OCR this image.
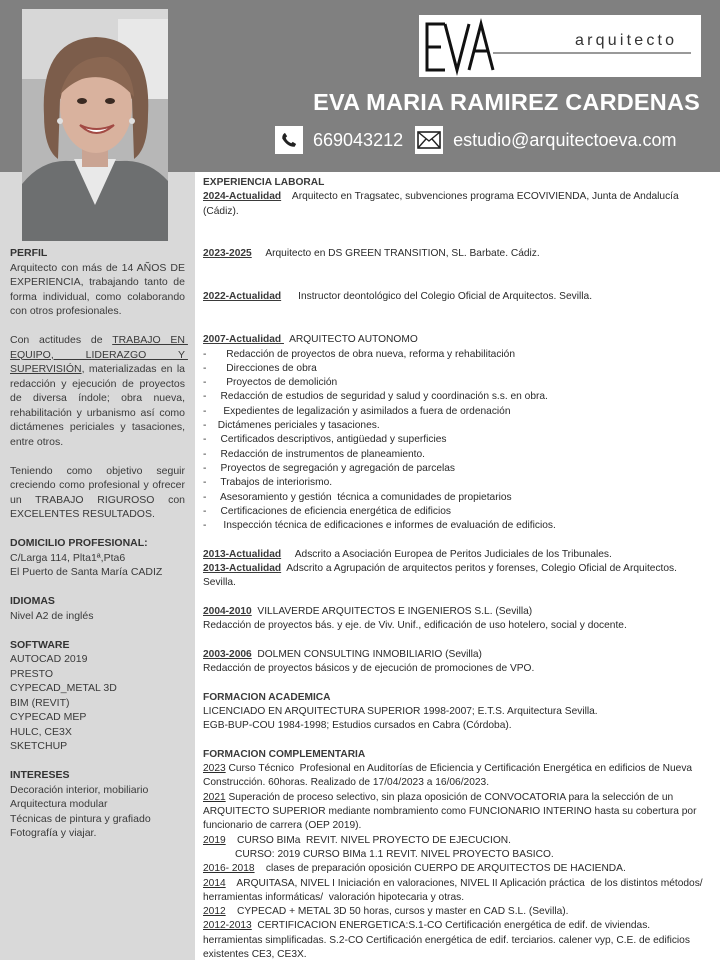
arquitecto
EVA MARIA RAMIREZ CARDENAS
669043212	estudio@arquitectoeva.com

PERFIL

Arquitecto con más de 14 AÑOS DE EXPERIENCIA, trabajando tanto de forma individual, como colaborando con otros profesionales.

Con actitudes de TRABAJO EN EQUIPO, LIDERAZGO Y SUPERVISIÓN, materializadas en la redacción y ejecución de proyectos de diversa índole; obra nueva, rehabilitación y urbanismo así como dictámenes periciales y tasaciones, entre otros.

Teniendo como objetivo seguir creciendo como profesional y ofrecer un TRABAJO RIGUROSO con EXCELENTES RESULTADOS.

DOMICILIO PROFESIONAL:

C/Larga 114, Plta1ª,Pta6

El Puerto de Santa María CADIZ

IDIOMAS

Nivel A2 de inglés

SOFTWARE

AUTOCAD 2019

PRESTO

CYPECAD_METAL 3D

BIM (REVIT)

CYPECAD MEP

HULC, CE3X

SKETCHUP

INTERESES

Decoración interior, mobiliario

Arquitectura modular

Técnicas de pintura y grafiado

Fotografía y viajar.

EXPERIENCIA LABORAL

2024-Actualidad    Arquitecto en Tragsatec, subvenciones programa ECOVIVIENDA, Junta de Andalucía (Cádiz).

2023-2025     Arquitecto en DS GREEN TRANSITION, SL. Barbate. Cádiz.

2022-Actualidad      Instructor deontológico del Colegio Oficial de Arquitectos. Sevilla.

2007-Actualidad   ARQUITECTO AUTONOMO

-       Redacción de proyectos de obra nueva, reforma y rehabilitación

-       Direcciones de obra

-       Proyectos de demolición

-     Redacción de estudios de seguridad y salud y coordinación s.s. en obra.

-      Expedientes de legalización y asimilados a fuera de ordenación

-    Dictámenes periciales y tasaciones.

-     Certificados descriptivos, antigüedad y superficies

-     Redacción de instrumentos de planeamiento.

-     Proyectos de segregación y agregación de parcelas

-     Trabajos de interiorismo.

-     Asesoramiento y gestión  técnica a comunidades de propietarios

-     Certificaciones de eficiencia energética de edificios

-      Inspección técnica de edificaciones e informes de evaluación de edificios.

2013-Actualidad     Adscrito a Asociación Europea de Peritos Judiciales de los Tribunales.

2013-Actualidad  Adscrito a Agrupación de arquitectos peritos y forenses, Colegio Oficial de Arquitectos. Sevilla.

2004-2010  VILLAVERDE ARQUITECTOS E INGENIEROS S.L. (Sevilla)

Redacción de proyectos bás. y eje. de Viv. Unif., edificación de uso hotelero, social y docente.

2003-2006  DOLMEN CONSULTING INMOBILIARIO (Sevilla)

Redacción de proyectos básicos y de ejecución de promociones de VPO.

FORMACION ACADEMICA

LICENCIADO EN ARQUITECTURA SUPERIOR 1998-2007; E.T.S. Arquitectura Sevilla.

EGB-BUP-COU 1984-1998; Estudios cursados en Cabra (Córdoba).

FORMACION COMPLEMENTARIA

2023 Curso Técnico  Profesional en Auditorías de Eficiencia y Certificación Energética en edificios de Nueva Construcción. 60horas. Realizado de 17/04/2023 a 16/06/2023.

2021 Superación de proceso selectivo, sin plaza oposición de CONVOCATORIA para la selección de un ARQUITECTO SUPERIOR mediante nombramiento como FUNCIONARIO INTERINO hasta su cobertura por funcionario de carrera (OEP 2019).

2019    CURSO BIMa  REVIT. NIVEL PROYECTO DE EJECUCION.

CURSO: 2019 CURSO BIMa 1.1 REVIT. NIVEL PROYECTO BASICO.

2016- 2018    clases de preparación oposición CUERPO DE ARQUITECTOS DE HACIENDA.

2014    ARQUITASA, NIVEL I Iniciación en valoraciones, NIVEL II Aplicación práctica  de los distintos métodos/  herramientas informáticas/  valoración hipotecaria y otras.

2012    CYPECAD + METAL 3D 50 horas, cursos y master en CAD S.L. (Sevilla).

2012-2013  CERTIFICACION ENERGETICA:S.1-CO Certificación energética de edif. de viviendas. herramientas simplificadas. S.2-CO Certificación energética de edif. terciarios. calener vyp, C.E. de edificios existentes CE3, CE3X.
